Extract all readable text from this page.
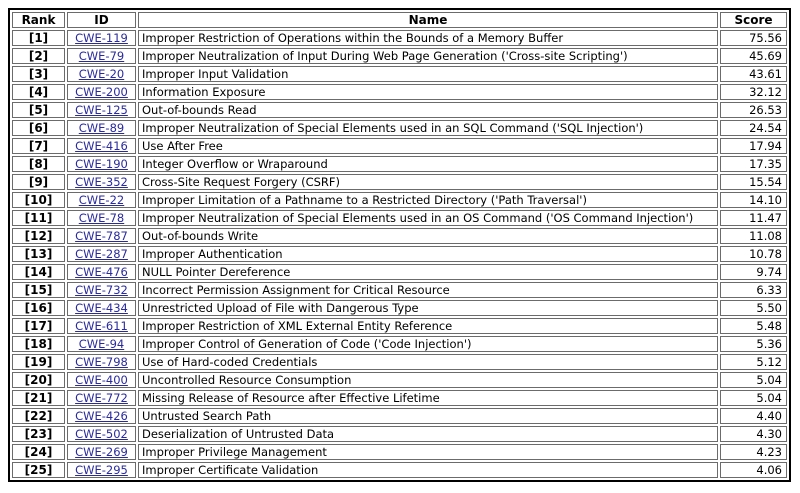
Rank	ID	Name	Score
[1]	CWE-119	Improper Restriction of Operations within the Bounds of a Memory Buffer	75.56
[2]	CWE-79	Improper Neutralization of Input During Web Page Generation ('Cross-site Scripting')	45.69
[3]	CWE-20	Improper Input Validation	43.61
[4]	CWE-200	Information Exposure	32.12
[5]	CWE-125	Out-of-bounds Read	26.53
[6]	CWE-89	Improper Neutralization of Special Elements used in an SQL Command ('SQL Injection')	24.54
[7]	CWE-416	Use After Free	17.94
[8]	CWE-190	Integer Overflow or Wraparound	17.35
[9]	CWE-352	Cross-Site Request Forgery (CSRF)	15.54
[10]	CWE-22	Improper Limitation of a Pathname to a Restricted Directory ('Path Traversal')	14.10
[11]	CWE-78	Improper Neutralization of Special Elements used in an OS Command ('OS Command Injection')	11.47
[12]	CWE-787	Out-of-bounds Write	11.08
[13]	CWE-287	Improper Authentication	10.78
[14]	CWE-476	NULL Pointer Dereference	9.74
[15]	CWE-732	Incorrect Permission Assignment for Critical Resource	6.33
[16]	CWE-434	Unrestricted Upload of File with Dangerous Type	5.50
[17]	CWE-611	Improper Restriction of XML External Entity Reference	5.48
[18]	CWE-94	Improper Control of Generation of Code ('Code Injection')	5.36
[19]	CWE-798	Use of Hard-coded Credentials	5.12
[20]	CWE-400	Uncontrolled Resource Consumption	5.04
[21]	CWE-772	Missing Release of Resource after Effective Lifetime	5.04
[22]	CWE-426	Untrusted Search Path	4.40
[23]	CWE-502	Deserialization of Untrusted Data	4.30
[24]	CWE-269	Improper Privilege Management	4.23
[25]	CWE-295	Improper Certificate Validation	4.06
